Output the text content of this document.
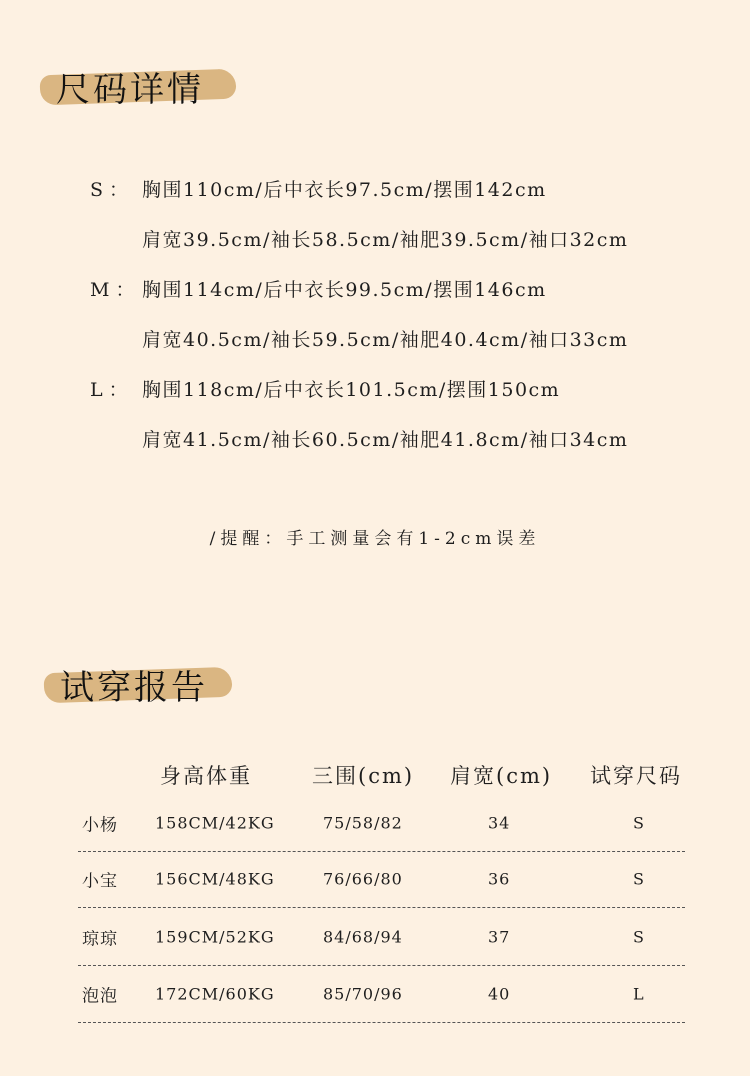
尺码详情
S ： 胸围110cm/后中衣长97.5cm/摆围142cm
肩宽39.5cm/袖长58.5cm/袖肥39.5cm/袖口32cm
M ： 胸围114cm/后中衣长99.5cm/摆围146cm
肩宽40.5cm/袖长59.5cm/袖肥40.4cm/袖口33cm
L ： 胸围118cm/后中衣长101.5cm/摆围150cm
肩宽41.5cm/袖长60.5cm/袖肥41.8cm/袖口34cm
/提醒：手工测量会有1-2cm误差
试穿报告
身高体重	三围(cm) 肩宽(cm) 试穿尺码
小杨 158CM/42KG	75/58/82	34	S
小宝 156CM/48KG	76/66/80	36	S
琼琼 159CM/52KG	84/68/94	37	S
泡泡 172CM/60KG	85/70/96	40	L
